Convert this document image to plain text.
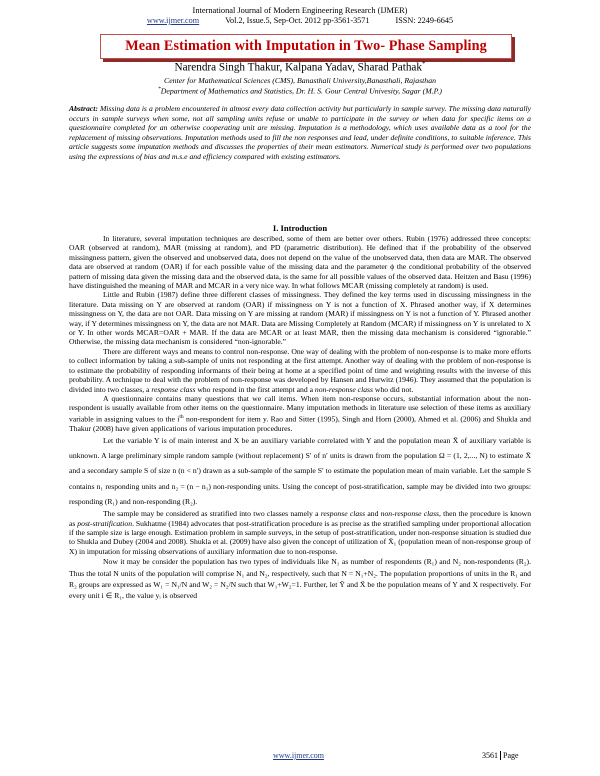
International Journal of Modern Engineering Research (IJMER)
www.ijmer.com	Vol.2, Issue.5, Sep-Oct. 2012 pp-3561-3571	ISSN: 2249-6645
Mean Estimation with Imputation in Two- Phase Sampling
Narendra Singh Thakur, Kalpana Yadav, Sharad Pathak*
Center for Mathematical Sciences (CMS), Banasthali University,Banasthali, Rajasthan
*Department of Mathematics and Statistics, Dr. H. S. Gour Central Univesity, Sagar (M.P.)
Abstract: Missing data is a problem encountered in almost every data collection activity but particularly in sample survey. The missing data naturally occurs in sample surveys when some, not all sampling units refuse or unable to participate in the survey or when data for specific items on a questionnaire completed for an otherwise cooperating unit are missing. Imputation is a methodology, which uses available data as a tool for the replacement of missing observations. Imputation methods used to fill the non responses and lead, under definite conditions, to suitable inference. This article suggests some imputation methods and discusses the properties of their mean estimators. Numerical study is performed over two populations using the expressions of bias and m.s.e and efficiency compared with existing estimators.
I. Introduction

In literature, several imputation techniques are described, some of them are better over others. Rubin (1976) addressed three concepts: OAR (observed at random), MAR (missing at random), and PD (parametric distribution). He defined that if the probability of the observed missingness pattern, given the observed and unobserved data, does not depend on the value of the unobserved data, then data are MAR. The observed data are observed at random (OAR) if for each possible value of the missing data and the parameter ϕ the conditional probability of the observed pattern of missing data given the missing data and the observed data, is the same for all possible values of the observed data. Heitzen and Basu (1996) have distinguished the meaning of MAR and MCAR in a very nice way. In what follows MCAR (missing completely at random) is used.

Little and Rubin (1987) define three different classes of missingness. They defined the key terms used in discussing missingness in the literature. Data missing on Y are observed at random (OAR) if missingness on Y is not a function of X. Phrased another way, if X determines missingness on Y, the data are not OAR. Data missing on Y are missing at random (MAR) if missingness on Y is not a function of Y. Phrased another way, if Y determines missingness on Y, the data are not MAR. Data are Missing Completely at Random (MCAR) if missingness on Y is unrelated to X or Y. In other words MCAR=OAR + MAR. If the data are MCAR or at least MAR, then the missing data mechanism is considered “ignorable.” Otherwise, the missing data mechanism is considered “non-ignorable.”

There are different ways and means to control non-response. One way of dealing with the problem of non-response is to make more efforts to collect information by taking a sub-sample of units not responding at the first attempt. Another way of dealing with the problem of non-response is to estimate the probability of responding informants of their being at home at a specified point of time and weighting results with the inverse of this probability. A technique to deal with the problem of non-response was developed by Hansen and Hurwitz (1946). They assumed that the population is divided into two classes, a response class who respond in the first attempt and a non-response class who did not.

A questionnaire contains many questions that we call items. When item non-response occurs, substantial information about the non-respondent is usually available from other items on the questionnaire. Many imputation methods in literature use selection of these items as auxiliary variable in assigning values to the $i^{th}$ non-respondent for item y. Rao and Sitter (1995), Singh and Horn (2000), Ahmed et al. (2006) and Shukla and Thakur (2008) have given applications of various imputation procedures.

Let the variable Y is of main interest and X be an auxiliary variable correlated with Y and the population mean X̄ of auxiliary variable is unknown. A large preliminary simple random sample (without replacement) S′ of n′ units is drawn from the population Ω = (1, 2,..., N) to estimate X̄ and a secondary sample S of size n (n < n′) drawn as a sub-sample of the sample S′ to estimate the population mean of main variable. Let the sample S contains n₁ responding units and n₂ = (n − n₁) non-responding units. Using the concept of post-stratification, sample may be divided into two groups: responding (R₁) and non-responding (R₂).

The sample may be considered as stratified into two classes namely a response class and non-response class, then the procedure is known as post-stratification. Sukhatme (1984) advocates that post-stratification procedure is as precise as the stratified sampling under proportional allocation if the sample size is large enough. Estimation problem in sample surveys, in the setup of post-stratification, under non-response situation is studied due to Shukla and Dubey (2004 and 2008). Shukla et al. (2009) have also given the concept of utilization of X̄₁ (population mean of non-response group of X) in imputation for missing observations of auxiliary information due to non-response.

Now it may be consider the population has two types of individuals like N₁ as number of respondents (R₁) and N₂ non-respondents (R₂). Thus the total N units of the population will comprise N₁ and N₂, respectively, such that N = N₁+N₂. The population proportions of units in the R₁ and R₂ groups are expressed as W₁ = N₁/N and W₂ = N₂/N such that W₁+W₂=1. Further, let Ȳ and X̄ be the population means of Y and X respectively. For every unit i ∈ R₁, the value yᵢ is observed

www.ijmer.com	3561 Page
